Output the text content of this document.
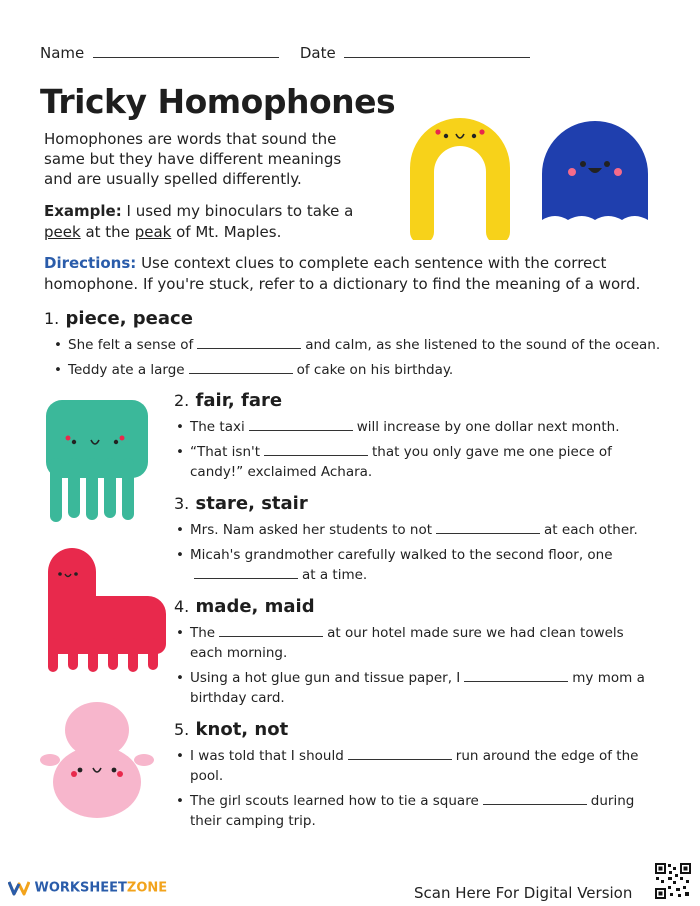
Name	Date
Tricky Homophones
Homophones are words that sound the same but they have different meanings and are usually spelled differently.
Example: I used my binoculars to take a peek at the peak of Mt. Maples.
Directions: Use context clues to complete each sentence with the correct homophone. If you're stuck, refer to a dictionary to find the meaning of a word.
1. piece, peace
• She felt a sense of	and calm, as she listened to the sound of the ocean.
• Teddy ate a large	of cake on his birthday.
2. fair, fare
• The taxi	will increase by one dollar next month.
• “That isn't	that you only gave me one piece of candy!” exclaimed Achara.
3. stare, stair
• Mrs. Nam asked her students to not	at each other.
• Micah's grandmother carefully walked to the second floor, oneat a time.
4. made, maid
• The	at our hotel made sure we had clean towels each morning.
• Using a hot glue gun and tissue paper, I	my mom a birthday card.
5. knot, not
• I was told that I should	run around the edge of the pool.
• The girl scouts learned how to tie a square	during their camping trip.
WORKSHEETZONE	Scan Here For Digital Version
